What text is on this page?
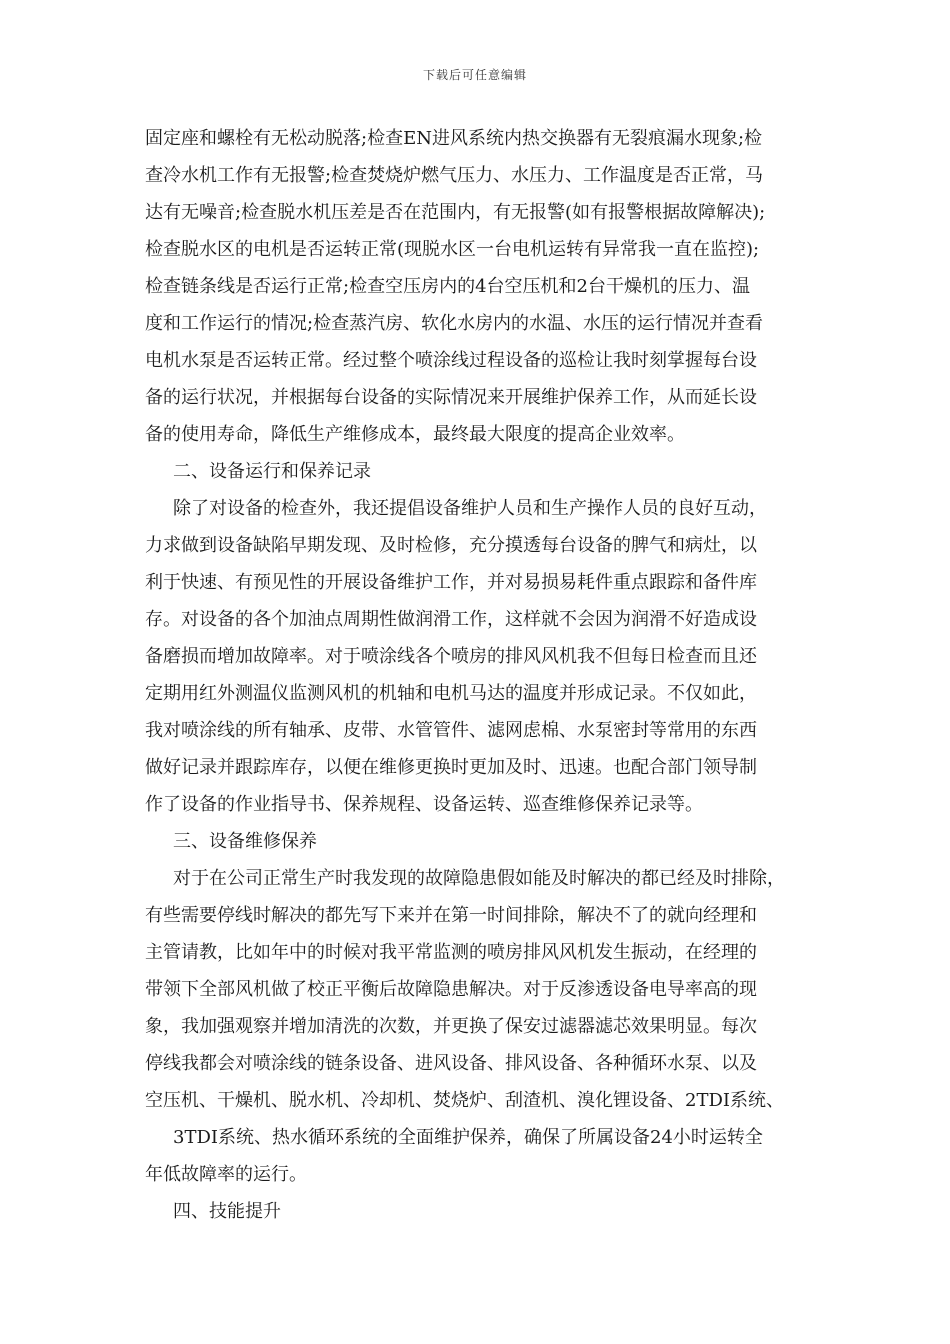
下载后可任意编辑
固定座和螺栓有无松动脱落;检查EN进风系统内热交换器有无裂痕漏水现象;检
查冷水机工作有无报警;检查焚烧炉燃气压力、水压力、工作温度是否正常，马
达有无噪音;检查脱水机压差是否在范围内，有无报警(如有报警根据故障解决);
检查脱水区的电机是否运转正常(现脱水区一台电机运转有异常我一直在监控);
检查链条线是否运行正常;检查空压房内的4台空压机和2台干燥机的压力、温
度和工作运行的情况;检查蒸汽房、软化水房内的水温、水压的运行情况并查看
电机水泵是否运转正常。经过整个喷涂线过程设备的巡检让我时刻掌握每台设
备的运行状况，并根据每台设备的实际情况来开展维护保养工作，从而延长设
备的使用寿命，降低生产维修成本，最终最大限度的提高企业效率。
二、设备运行和保养记录
除了对设备的检查外，我还提倡设备维护人员和生产操作人员的良好互动，
力求做到设备缺陷早期发现、及时检修，充分摸透每台设备的脾气和病灶，以
利于快速、有预见性的开展设备维护工作，并对易损易耗件重点跟踪和备件库
存。对设备的各个加油点周期性做润滑工作，这样就不会因为润滑不好造成设
备磨损而增加故障率。对于喷涂线各个喷房的排风风机我不但每日检查而且还
定期用红外测温仪监测风机的机轴和电机马达的温度并形成记录。不仅如此，
我对喷涂线的所有轴承、皮带、水管管件、滤网虑棉、水泵密封等常用的东西
做好记录并跟踪库存，以便在维修更换时更加及时、迅速。也配合部门领导制
作了设备的作业指导书、保养规程、设备运转、巡查维修保养记录等。
三、设备维修保养
对于在公司正常生产时我发现的故障隐患假如能及时解决的都已经及时排除，
有些需要停线时解决的都先写下来并在第一时间排除，解决不了的就向经理和
主管请教，比如年中的时候对我平常监测的喷房排风风机发生振动，在经理的
带领下全部风机做了校正平衡后故障隐患解决。对于反渗透设备电导率高的现
象，我加强观察并增加清洗的次数，并更换了保安过滤器滤芯效果明显。每次
停线我都会对喷涂线的链条设备、进风设备、排风设备、各种循环水泵、以及
空压机、干燥机、脱水机、冷却机、焚烧炉、刮渣机、溴化锂设备、2TDI系统、
3TDI系统、热水循环系统的全面维护保养，确保了所属设备24小时运转全
年低故障率的运行。
四、技能提升
